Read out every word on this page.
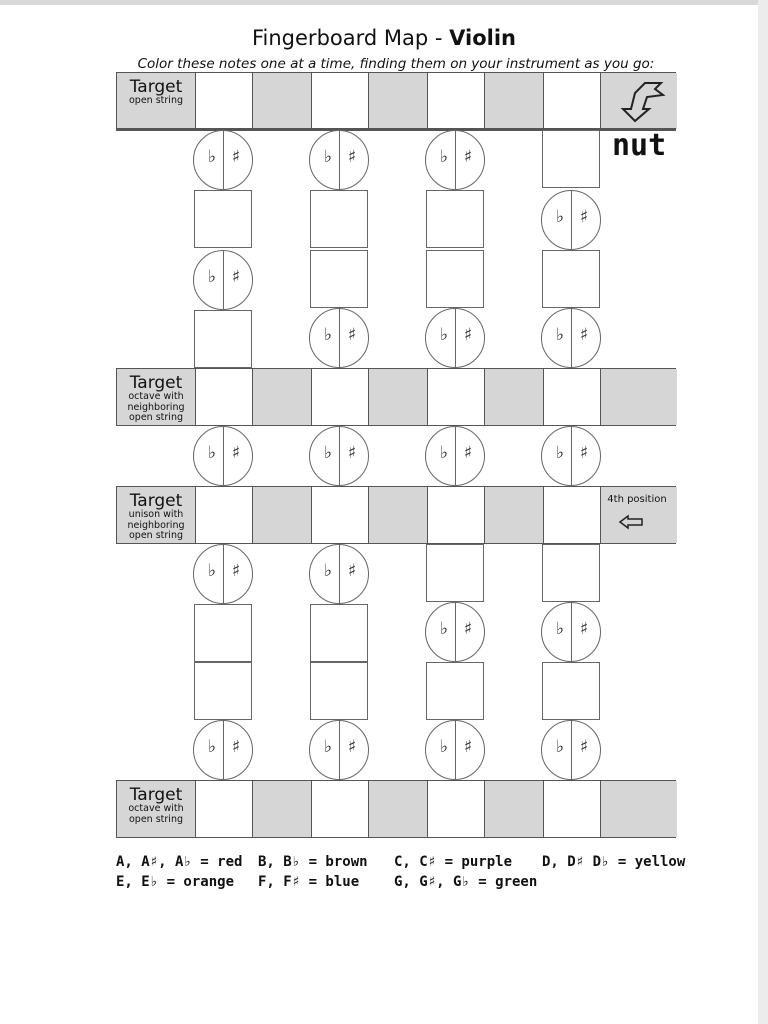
Fingerboard Map - Violin
Color these notes one at a time, finding them on your instrument as you go:
Target
open string
nut
♭ ♯
♭ ♯
♭ ♯
♭ ♯
♭ ♯
♭ ♯
♭ ♯
♭ ♯
Target
octave with
neighboring
open string
♭ ♯	♭ ♯	♭ ♯	♭ ♯
Target
unison with
neighboring
open string
4th position
♭ ♯
♭ ♯
♭ ♯
♭ ♯
♭ ♯
♭ ♯
♭ ♯
♭ ♯
Target
octave with
open string
A, A♯, A♭ = red B, B♭ = brown C, C♯ = purple D, D♯ D♭ = yellow
E, E♭ = orange F, F♯ = blue G, G♯, G♭ = green
